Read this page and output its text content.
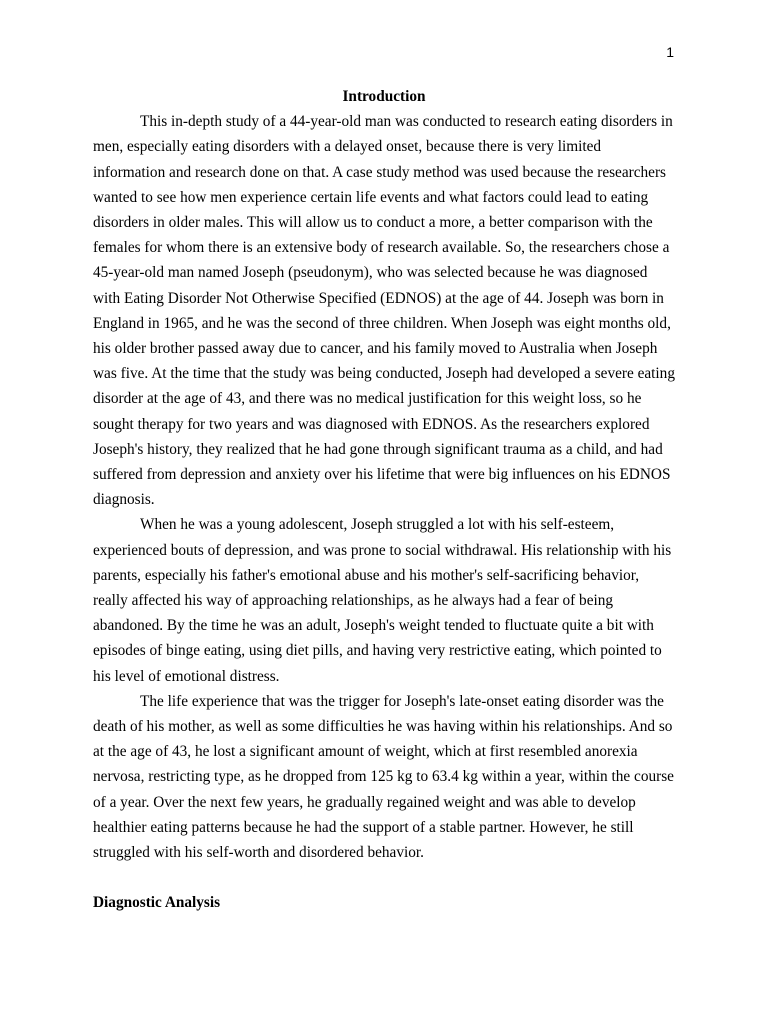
1

Introduction

This in-depth study of a 44-year-old man was conducted to research eating disorders in men, especially eating disorders with a delayed onset, because there is very limited information and research done on that. A case study method was used because the researchers wanted to see how men experience certain life events and what factors could lead to eating disorders in older males. This will allow us to conduct a more, a better comparison with the females for whom there is an extensive body of research available. So, the researchers chose a 45-year-old man named Joseph (pseudonym), who was selected because he was diagnosed with Eating Disorder Not Otherwise Specified (EDNOS) at the age of 44. Joseph was born in England in 1965, and he was the second of three children. When Joseph was eight months old, his older brother passed away due to cancer, and his family moved to Australia when Joseph was five. At the time that the study was being conducted, Joseph had developed a severe eating disorder at the age of 43, and there was no medical justification for this weight loss, so he sought therapy for two years and was diagnosed with EDNOS. As the researchers explored Joseph's history, they realized that he had gone through significant trauma as a child, and had suffered from depression and anxiety over his lifetime that were big influences on his EDNOS diagnosis.

When he was a young adolescent, Joseph struggled a lot with his self-esteem, experienced bouts of depression, and was prone to social withdrawal. His relationship with his parents, especially his father's emotional abuse and his mother's self-sacrificing behavior, really affected his way of approaching relationships, as he always had a fear of being abandoned. By the time he was an adult, Joseph's weight tended to fluctuate quite a bit with episodes of binge eating, using diet pills, and having very restrictive eating, which pointed to his level of emotional distress.

The life experience that was the trigger for Joseph's late-onset eating disorder was the death of his mother, as well as some difficulties he was having within his relationships. And so at the age of 43, he lost a significant amount of weight, which at first resembled anorexia nervosa, restricting type, as he dropped from 125 kg to 63.4 kg within a year, within the course of a year. Over the next few years, he gradually regained weight and was able to develop healthier eating patterns because he had the support of a stable partner. However, he still struggled with his self-worth and disordered behavior.

Diagnostic Analysis
